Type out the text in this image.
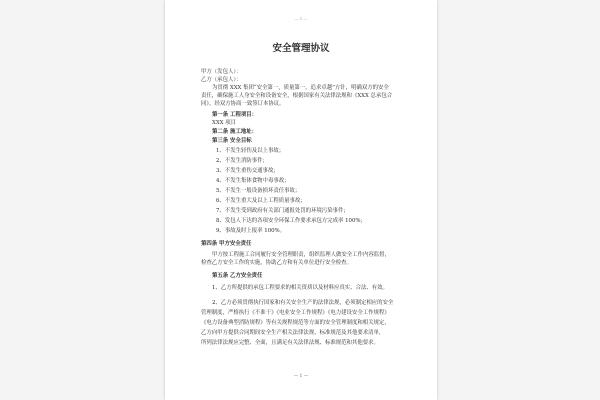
— 1 —
安全管理协议
甲方（发包人）：
乙方（承包人）：
为贯彻 XXX 集团“安全第一，质量第一，追求卓越”方针，明确双方的安全
责任，确保施工人身安全和设备安全，根据国家有关法律法规和《XXX 总承包合
同》，经双方协商一致签订本协议。
第一条 工程项目：
XXX 项目
第二条 施工地址：
第三条 安全目标
1、不发生轻伤及以上事故；
2、不发生消防事件；
3、不发生重伤交通事故；
4、不发生集体食物中毒事故；
5、不发生一般设备损坏责任事故；
6、不发生重大及以上工程质量事故；
7、不发生受到政府有关部门通报处罚的环境污染事件；
8、发包人下达的各项安全环保工作要求承包方完成率 100%；
9、事故及时上报率 100%。
第四条 甲方安全责任
甲方按工程施工合同履行安全管理职责，组织监理人做安全工作内容监督，
检查乙方安全工作的实施，协助乙方和有关单位进行安全检查。
第五条 乙方安全责任
1、乙方所提供的承包工程要求的相关资质以及材料应真实、合法、有效。
2、乙方必须贯彻执行国家和有关安全生产的法律法规，必须制定相应的安全
管理制度，严格执行《不准干》《电业安全工作规程》《电力建设安全工作规程》
《电力设备典型消防规程》等有关规程规范等方面的安全管理制度和相关规定，
乙方向甲方提供合同期间安全生产相关法律法规、标准规范及其他要求清单，
所列法律法规应完整、全面，且满足有关法律法规、标准规范和其他要求。
— 1 —
